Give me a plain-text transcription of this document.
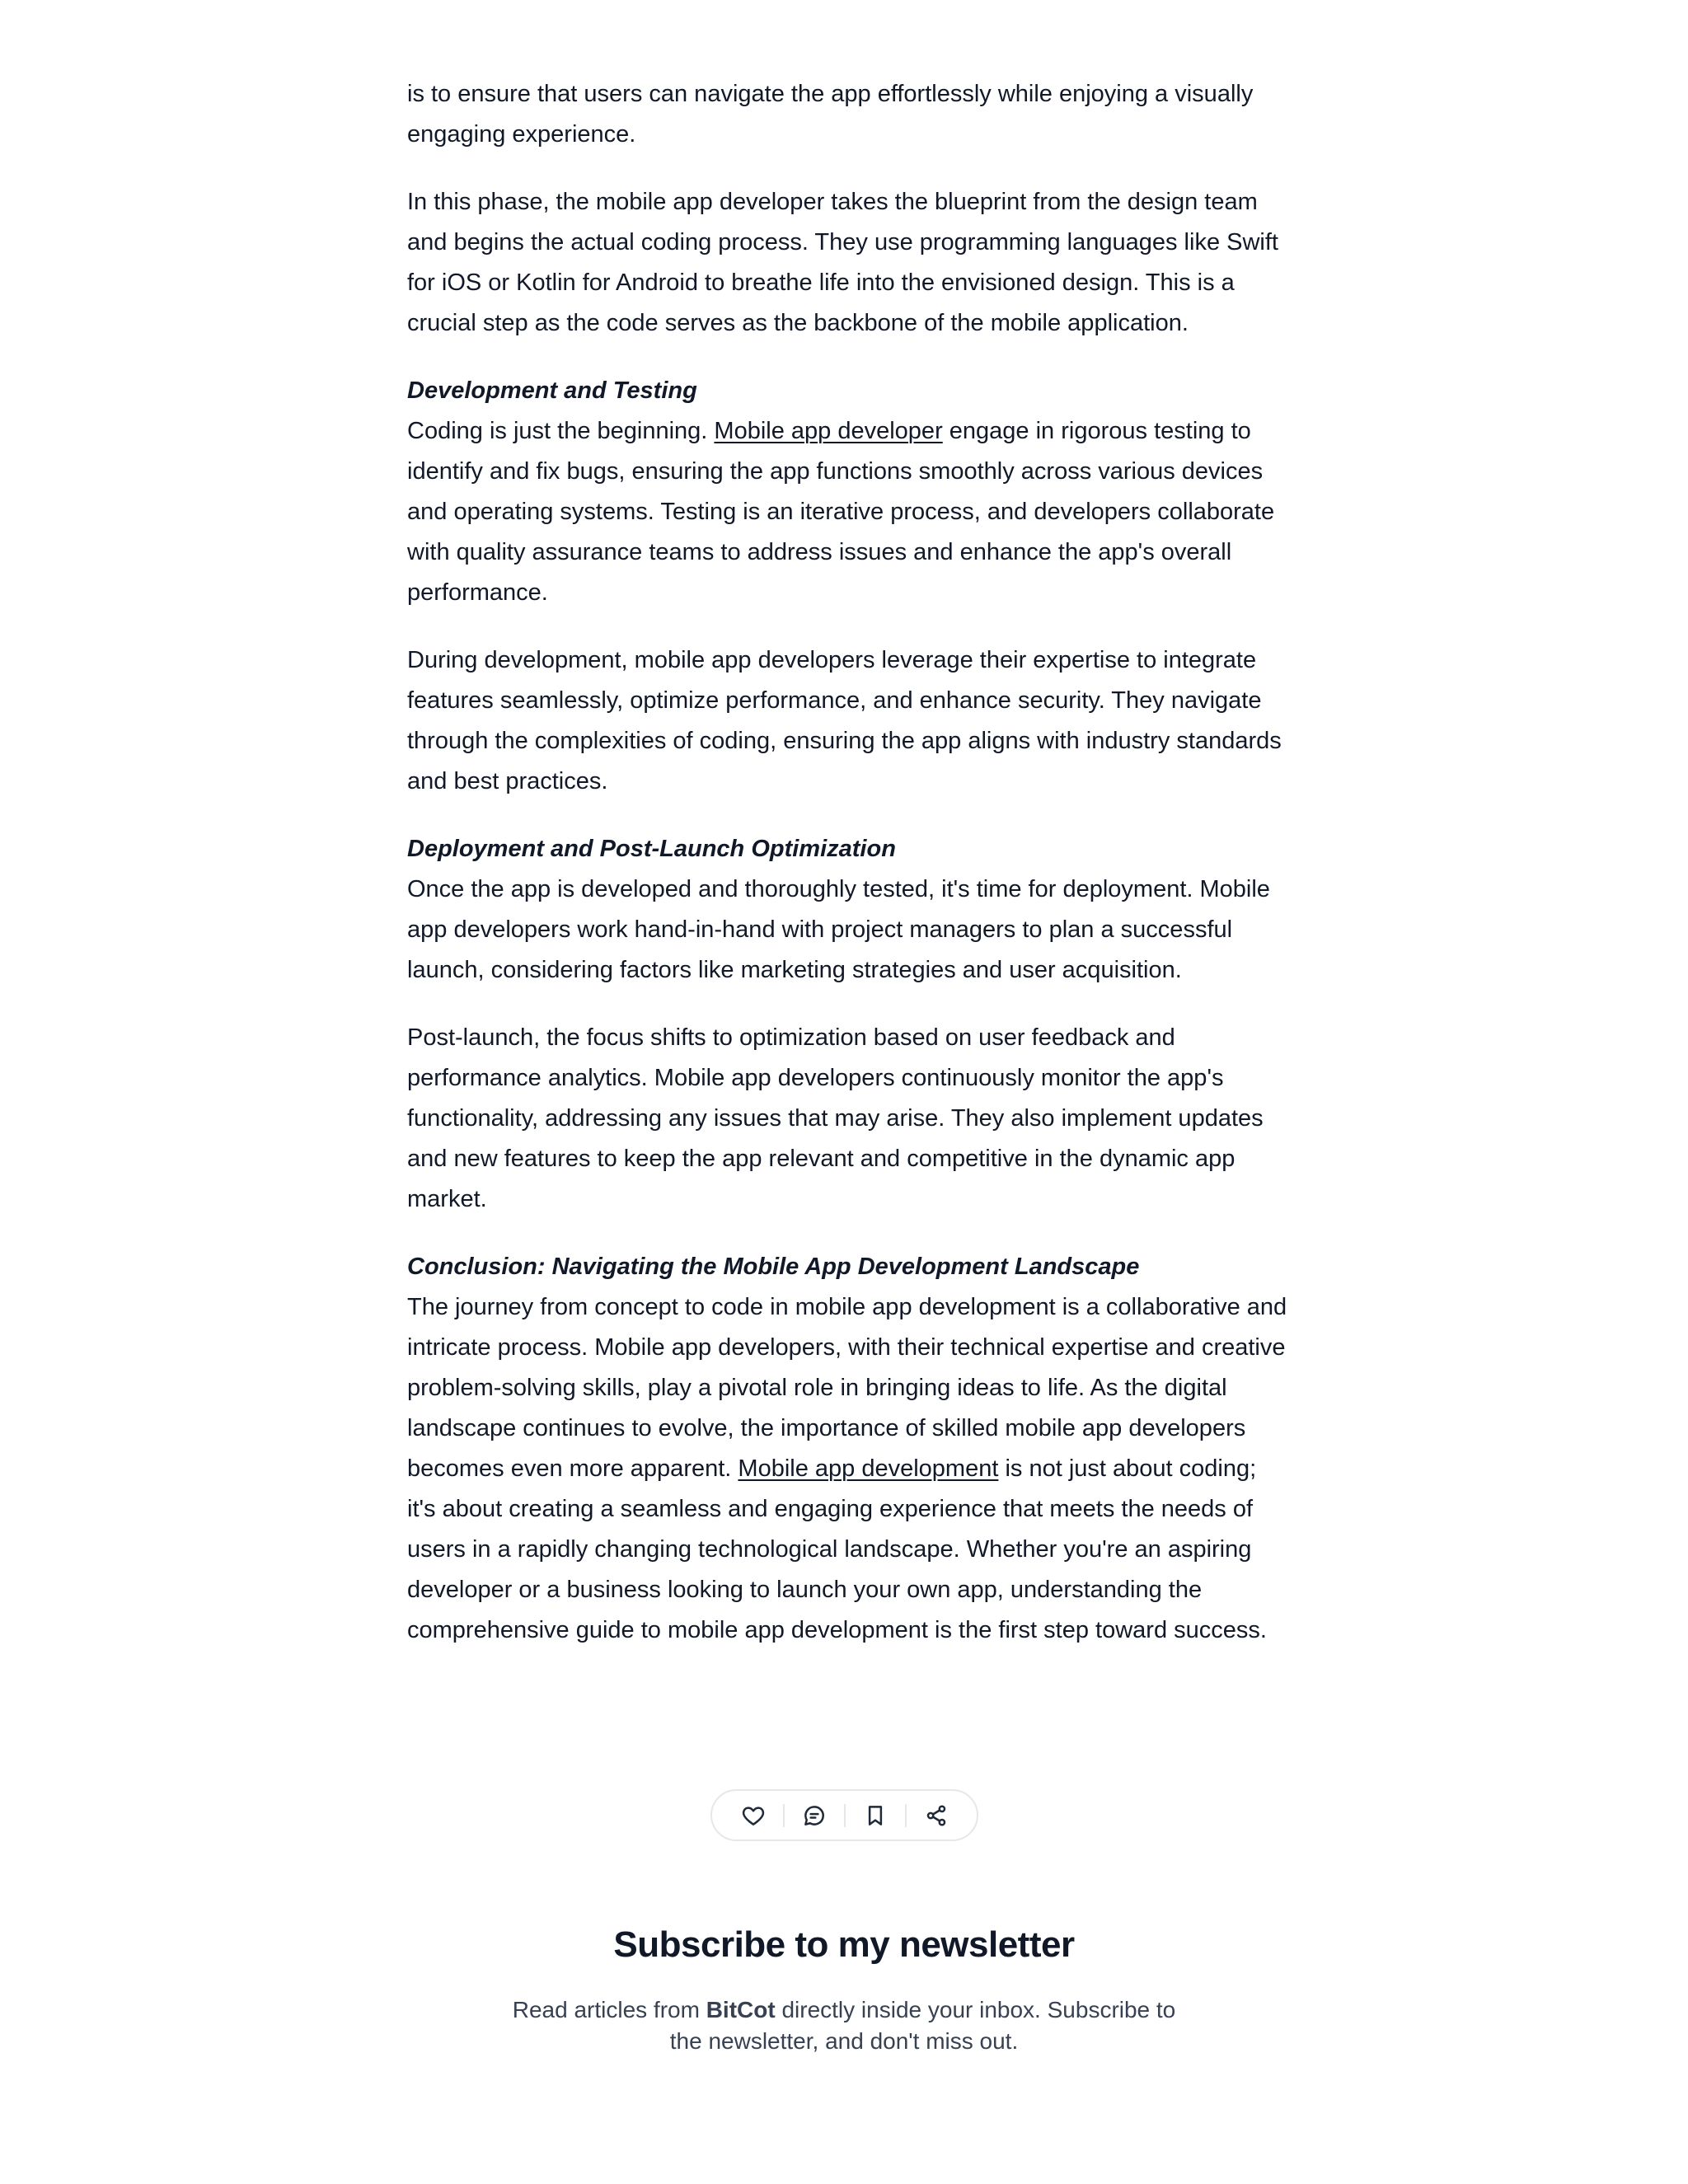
is to ensure that users can navigate the app effortlessly while enjoying a visually engaging experience.

In this phase, the mobile app developer takes the blueprint from the design team and begins the actual coding process. They use programming languages like Swift for iOS or Kotlin for Android to breathe life into the envisioned design. This is a crucial step as the code serves as the backbone of the mobile application.

Development and Testing
Coding is just the beginning. Mobile app developer engage in rigorous testing to identify and fix bugs, ensuring the app functions smoothly across various devices and operating systems. Testing is an iterative process, and developers collaborate with quality assurance teams to address issues and enhance the app's overall performance.

During development, mobile app developers leverage their expertise to integrate features seamlessly, optimize performance, and enhance security. They navigate through the complexities of coding, ensuring the app aligns with industry standards and best practices.

Deployment and Post-Launch Optimization
Once the app is developed and thoroughly tested, it's time for deployment. Mobile app developers work hand-in-hand with project managers to plan a successful launch, considering factors like marketing strategies and user acquisition.

Post-launch, the focus shifts to optimization based on user feedback and performance analytics. Mobile app developers continuously monitor the app's functionality, addressing any issues that may arise. They also implement updates and new features to keep the app relevant and competitive in the dynamic app market.

Conclusion: Navigating the Mobile App Development Landscape
The journey from concept to code in mobile app development is a collaborative and intricate process. Mobile app developers, with their technical expertise and creative problem-solving skills, play a pivotal role in bringing ideas to life. As the digital landscape continues to evolve, the importance of skilled mobile app developers becomes even more apparent. Mobile app development is not just about coding; it's about creating a seamless and engaging experience that meets the needs of users in a rapidly changing technological landscape. Whether you're an aspiring developer or a business looking to launch your own app, understanding the comprehensive guide to mobile app development is the first step toward success.

Subscribe to my newsletter
Read articles from BitCot directly inside your inbox. Subscribe to the newsletter, and don't miss out.
